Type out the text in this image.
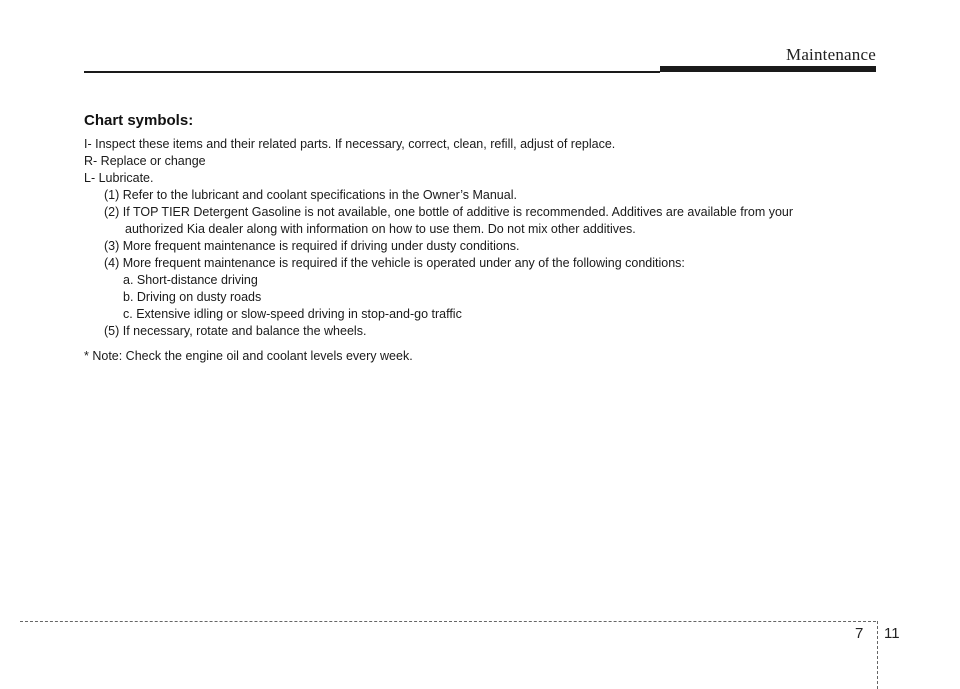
Maintenance
Chart symbols:

I- Inspect these items and their related parts. If necessary, correct, clean, refill, adjust of replace.

R- Replace or change

L- Lubricate.

(1) Refer to the lubricant and coolant specifications in the Owner’s Manual.

(2) If TOP TIER Detergent Gasoline is not available, one bottle of additive is recommended. Additives are available from your
authorized Kia dealer along with information on how to use them. Do not mix other additives.

(3) More frequent maintenance is required if driving under dusty conditions.

(4) More frequent maintenance is required if the vehicle is operated under any of the following conditions:

a. Short-distance driving

b. Driving on dusty roads

c. Extensive idling or slow-speed driving in stop-and-go traffic

(5) If necessary, rotate and balance the wheels.

* Note: Check the engine oil and coolant levels every week.

7 11
